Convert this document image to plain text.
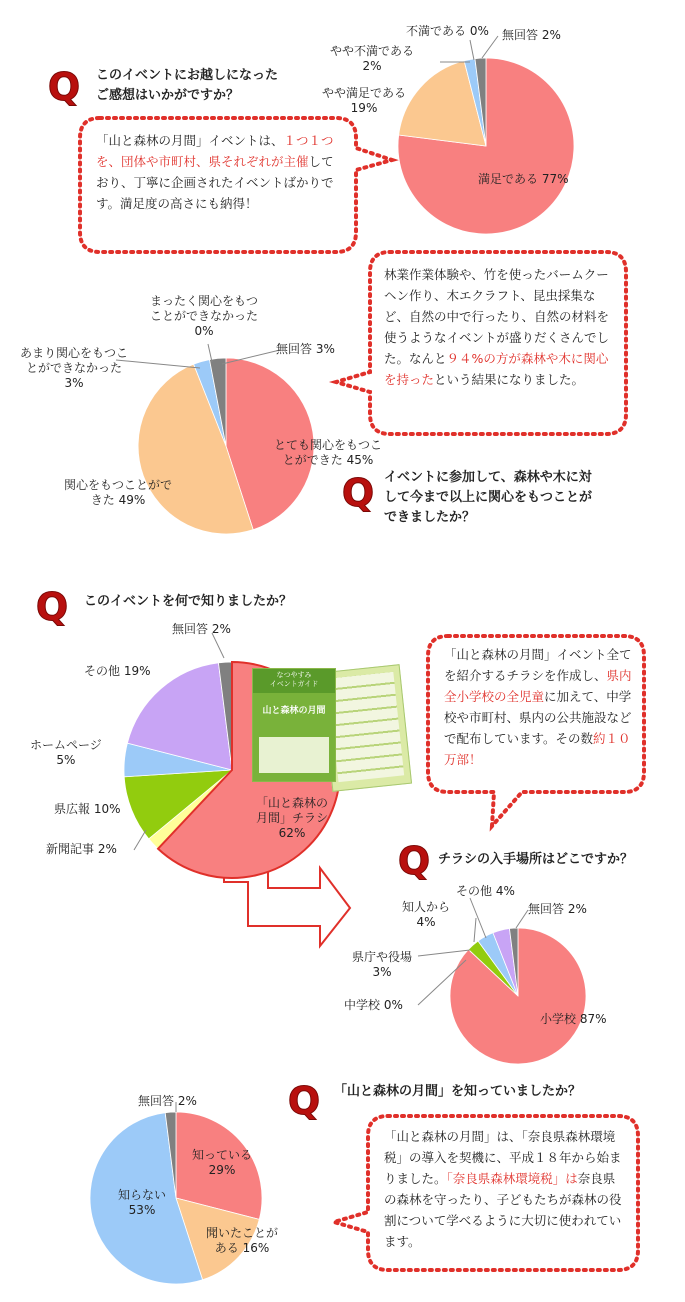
Q
Q
Q
Q
Q
このイベントにお越しになった
ご感想はいかがですか？
イベントに参加して、森林や木に対
して今まで以上に関心をもつことが
できましたか？
このイベントを何で知りましたか？
チラシの入手場所はどこですか？
「山と森林の月間」を知っていましたか？
「山と森林の月間」イベントは、１つ１つを、団体や市町村、県それぞれが主催しており、丁寧に企画されたイベントばかりです。満足度の高さにも納得！
林業作業体験や、竹を使ったバームクーヘン作り、木エクラフト、昆虫採集など、自然の中で行ったり、自然の材料を使うようなイベントが盛りだくさんでした。なんと９４%の方が森林や木に関心を持ったという結果になりました。
「山と森林の月間」イベント全てを紹介するチラシを作成し、県内全小学校の全児童に加えて、中学校や市町村、県内の公共施設などで配布しています。その数約１０万部！
「山と森林の月間」は、「奈良県森林環境税」の導入を契機に、平成１８年から始まりました。「奈良県森林環境税」は奈良県の森林を守ったり、子どもたちが森林の役割について学べるように大切に使われています。
なつやすみ
イベントガイド
山と森林の月間
不満である 0% 無回答 2%
やや不満である
2%
やや満足である
19%
満足である 77%
まったく関心をもつ
ことができなかった
0%
無回答 3%
あまり関心をもつこ
とができなかった
3%
とても関心をもつこ
とができた 45%
関心をもつことがで
きた 49%
無回答 2%
その他 19%
ホームページ
5%
県広報 10%
新聞記事 2%
「山と森林の
月間」チラシ
62%
その他 4%
知人から
4%
無回答 2%
県庁や役場
3%
中学校 0%
小学校 87%
無回答 2%
知っている
29%
知らない
53%
聞いたことが
ある 16%
